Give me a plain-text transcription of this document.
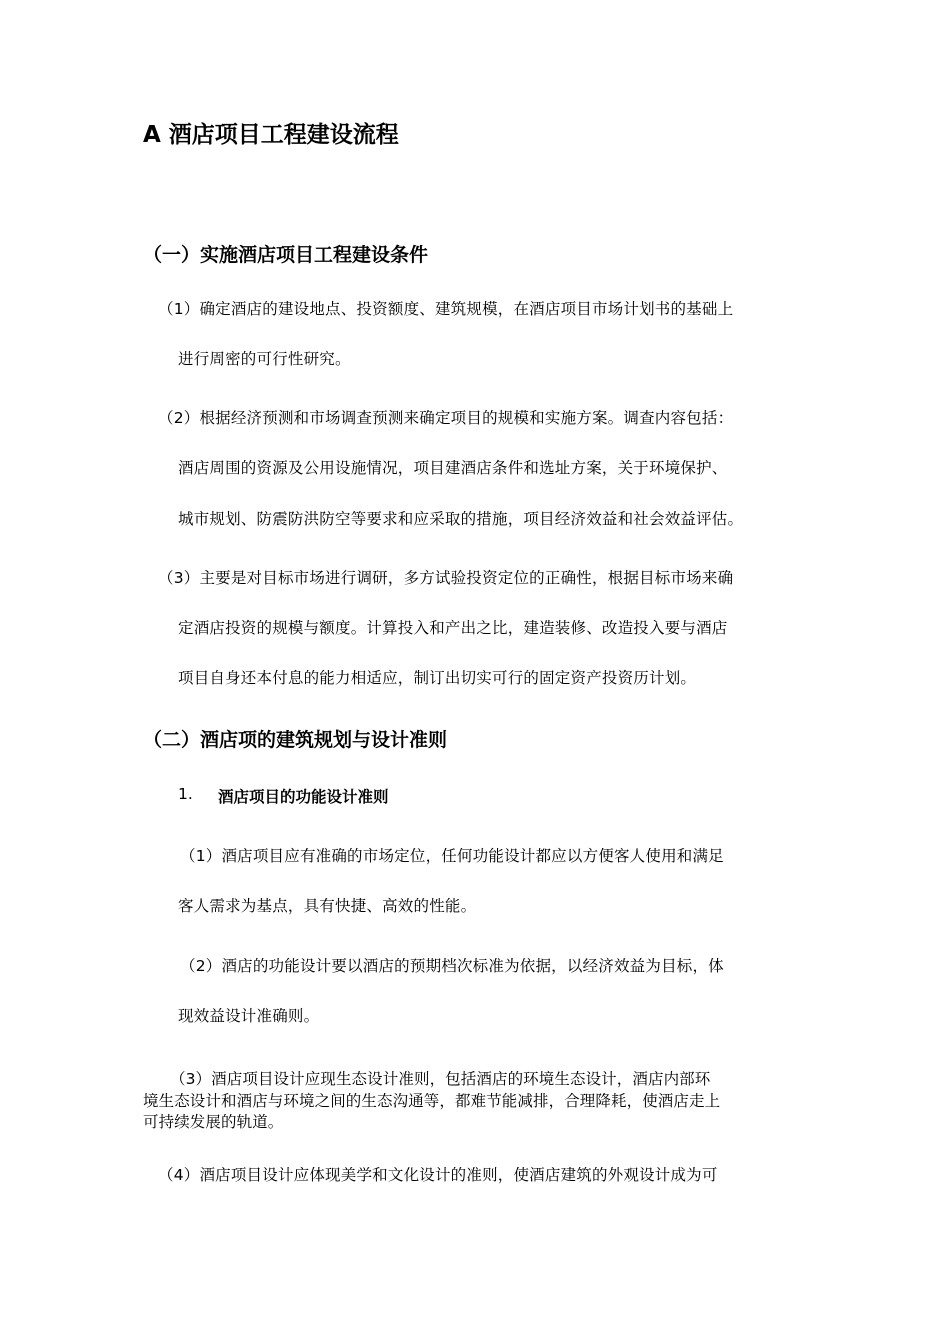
A 酒店项目工程建设流程
（一）实施酒店项目工程建设条件

（1）确定酒店的建设地点、投资额度、建筑规模，在酒店项目市场计划书的基础上

进行周密的可行性研究。

（2）根据经济预测和市场调查预测来确定项目的规模和实施方案。调查内容包括：

酒店周围的资源及公用设施情况，项目建酒店条件和选址方案，关于环境保护、

城市规划、防震防洪防空等要求和应采取的措施，项目经济效益和社会效益评估。

（3）主要是对目标市场进行调研，多方试验投资定位的正确性，根据目标市场来确

定酒店投资的规模与额度。计算投入和产出之比，建造装修、改造投入要与酒店

项目自身还本付息的能力相适应，制订出切实可行的固定资产投资历计划。

（二）酒店项的建筑规划与设计准则
1. 酒店项目的功能设计准则

（1）酒店项目应有准确的市场定位，任何功能设计都应以方便客人使用和满足

客人需求为基点，具有快捷、高效的性能。

（2）酒店的功能设计要以酒店的预期档次标准为依据，以经济效益为目标，体

现效益设计准确则。

（3）酒店项目设计应现生态设计准则，包括酒店的环境生态设计，酒店内部环

境生态设计和酒店与环境之间的生态沟通等，都难节能减排，合理降耗，使酒店走上

可持续发展的轨道。

（4）酒店项目设计应体现美学和文化设计的准则，使酒店建筑的外观设计成为可
